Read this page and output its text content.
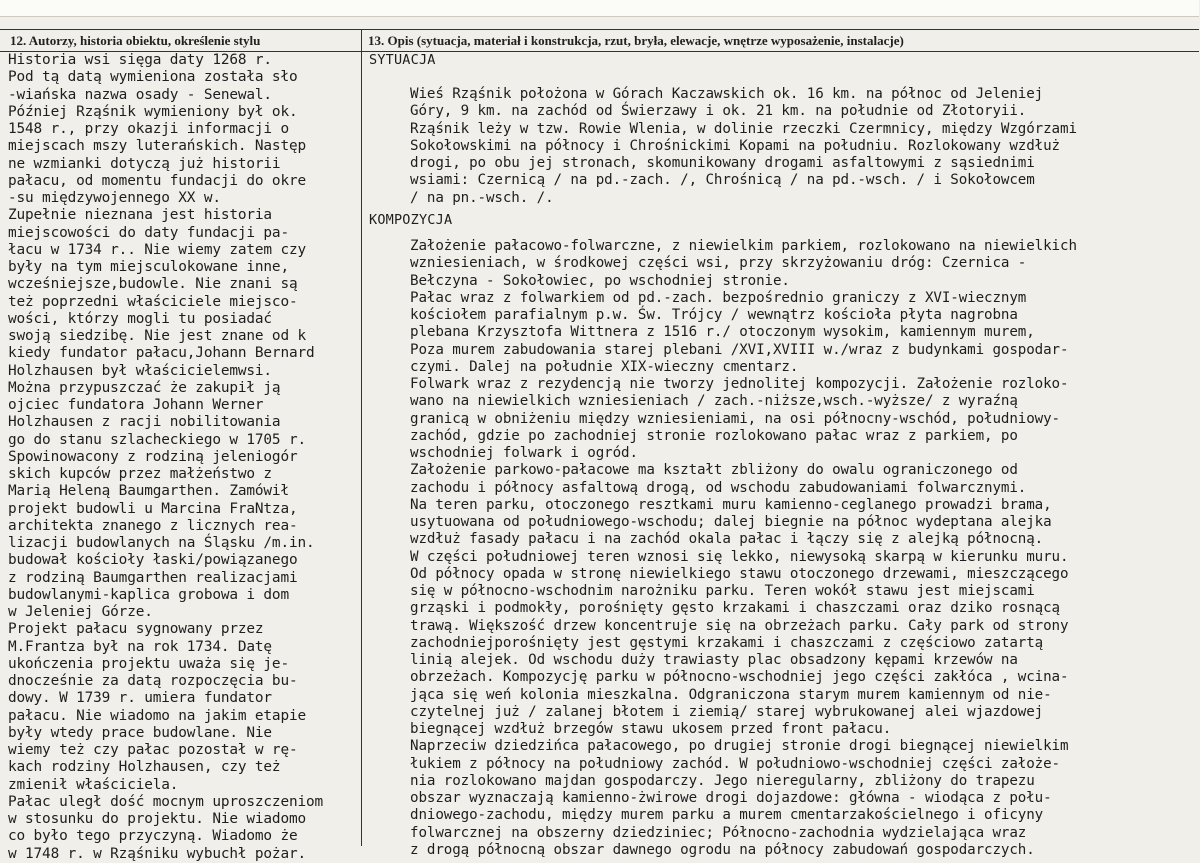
12. Autorzy, historia obiektu, określenie stylu	13. Opis (sytuacja, materiał i konstrukcja, rzut, bryła, elewacje, wnętrze wyposażenie, instalacje)
Historia wsi sięga daty 1268 r.
Pod tą datą wymieniona została sło
-wiańska nazwa osady - Senewal.
Później Rząśnik wymieniony był ok.
1548 r., przy okazji informacji o
miejscach mszy luterańskich. Następ
ne wzmianki dotyczą już historii
pałacu, od momentu fundacji do okre
-su międzywojennego XX w.
Zupełnie nieznana jest historia
miejscowości do daty fundacji pa-
łacu w 1734 r.. Nie wiemy zatem czy
były na tym miejsculokowane inne,
wcześniejsze,budowle. Nie znani są
też poprzedni właściciele miejsco-
wości, którzy mogli tu posiadać
swoją siedzibę. Nie jest znane od k
kiedy fundator pałacu,Johann Bernard
Holzhausen był właścicielemwsi.
Można przypuszczać że zakupił ją
ojciec fundatora Johann Werner
Holzhausen z racji nobilitowania
go do stanu szlacheckiego w 1705 r.
Spowinowacony z rodziną jeleniogór
skich kupców przez małżeństwo z
Marią Heleną Baumgarthen. Zamówił
projekt budowli u Marcina FraNtza,
architekta znanego z licznych rea-
lizacji budowlanych na Śląsku /m.in.
budował kościoły łaski/powiązanego
z rodziną Baumgarthen realizacjami
budowlanymi-kaplica grobowa i dom
w Jeleniej Górze.
Projekt pałacu sygnowany przez
M.Frantza był na rok 1734. Datę
ukończenia projektu uważa się je-
dnocześnie za datą rozpoczęcia bu-
dowy. W 1739 r. umiera fundator
pałacu. Nie wiadomo na jakim etapie
były wtedy prace budowlane. Nie
wiemy też czy pałac pozostał w rę-
kach rodziny Holzhausen, czy też
zmienił właściciela.
Pałac uległ dość mocnym uproszczeniom
w stosunku do projektu. Nie wiadomo
co było tego przyczyną. Wiadomo że
w 1748 r. w Rząśniku wybuchł pożar.
SYTUACJA
Wieś Rząśnik położona w Górach Kaczawskich ok. 16 km. na północ od Jeleniej
Góry, 9 km. na zachód od Świerzawy i ok. 21 km. na południe od Złotoryii.
Rząśnik leży w tzw. Rowie Wlenia, w dolinie rzeczki Czermnicy, między Wzgórzami
Sokołowskimi na północy i Chrośnickimi Kopami na południu. Rozlokowany wzdłuż
drogi, po obu jej stronach, skomunikowany drogami asfaltowymi z sąsiednimi
wsiami: Czernicą / na pd.-zach. /, Chrośnicą / na pd.-wsch. / i Sokołowcem
/ na pn.-wsch. /.
KOMPOZYCJA
Założenie pałacowo-folwarczne, z niewielkim parkiem, rozlokowano na niewielkich
wzniesieniach, w środkowej części wsi, przy skrzyżowaniu dróg: Czernica -
Bełczyna - Sokołowiec, po wschodniej stronie.
Pałac wraz z folwarkiem od pd.-zach. bezpośrednio graniczy z XVI-wiecznym
kościołem parafialnym p.w. Św. Trójcy / wewnątrz kościoła płyta nagrobna
plebana Krzysztofa Wittnera z 1516 r./ otoczonym wysokim, kamiennym murem,
Poza murem zabudowania starej plebani /XVI,XVIII w./wraz z budynkami gospodar-
czymi. Dalej na południe XIX-wieczny cmentarz.
Folwark wraz z rezydencją nie tworzy jednolitej kompozycji. Założenie rozloko-
wano na niewielkich wzniesieniach / zach.-niższe,wsch.-wyższe/ z wyraźną
granicą w obniżeniu między wzniesieniami, na osi północny-wschód, południowy-
zachód, gdzie po zachodniej stronie rozlokowano pałac wraz z parkiem, po
wschodniej folwark i ogród.
Założenie parkowo-pałacowe ma kształt zbliżony do owalu ograniczonego od
zachodu i północy asfaltową drogą, od wschodu zabudowaniami folwarcznymi.
Na teren parku, otoczonego resztkami muru kamienno-ceglanego prowadzi brama,
usytuowana od południowego-wschodu; dalej biegnie na północ wydeptana alejka
wzdłuż fasady pałacu i na zachód okala pałac i łączy się z alejką północną.
W części południowej teren wznosi się lekko, niewysoką skarpą w kierunku muru.
Od północy opada w stronę niewielkiego stawu otoczonego drzewami, mieszczącego
się w północno-wschodnim narożniku parku. Teren wokół stawu jest miejscami
grząski i podmokły, porośnięty gęsto krzakami i chaszczami oraz dziko rosnącą
trawą. Większość drzew koncentruje się na obrzeżach parku. Cały park od strony
zachodniejporośnięty jest gęstymi krzakami i chaszczami z częściowo zatartą
linią alejek. Od wschodu duży trawiasty plac obsadzony kępami krzewów na
obrzeżach. Kompozycję parku w północno-wschodniej jego części zakłóca , wcina-
jąca się weń kolonia mieszkalna. Odgraniczona starym murem kamiennym od nie-
czytelnej już / zalanej błotem i ziemią/ starej wybrukowanej alei wjazdowej
biegnącej wzdłuż brzegów stawu ukosem przed front pałacu.
Naprzeciw dziedzińca pałacowego, po drugiej stronie drogi biegnącej niewielkim
łukiem z północy na południowy zachód. W południowo-wschodniej części założe-
nia rozlokowano majdan gospodarczy. Jego nieregularny, zbliżony do trapezu
obszar wyznaczają kamienno-żwirowe drogi dojazdowe: główna - wiodąca z połu-
dniowego-zachodu, między murem parku a murem cmentarzakościelnego i oficyny
folwarcznej na obszerny dziedziniec; Północno-zachodnia wydzielająca wraz
z drogą północną obszar dawnego ogrodu na północy zabudowań gospodarczych.
